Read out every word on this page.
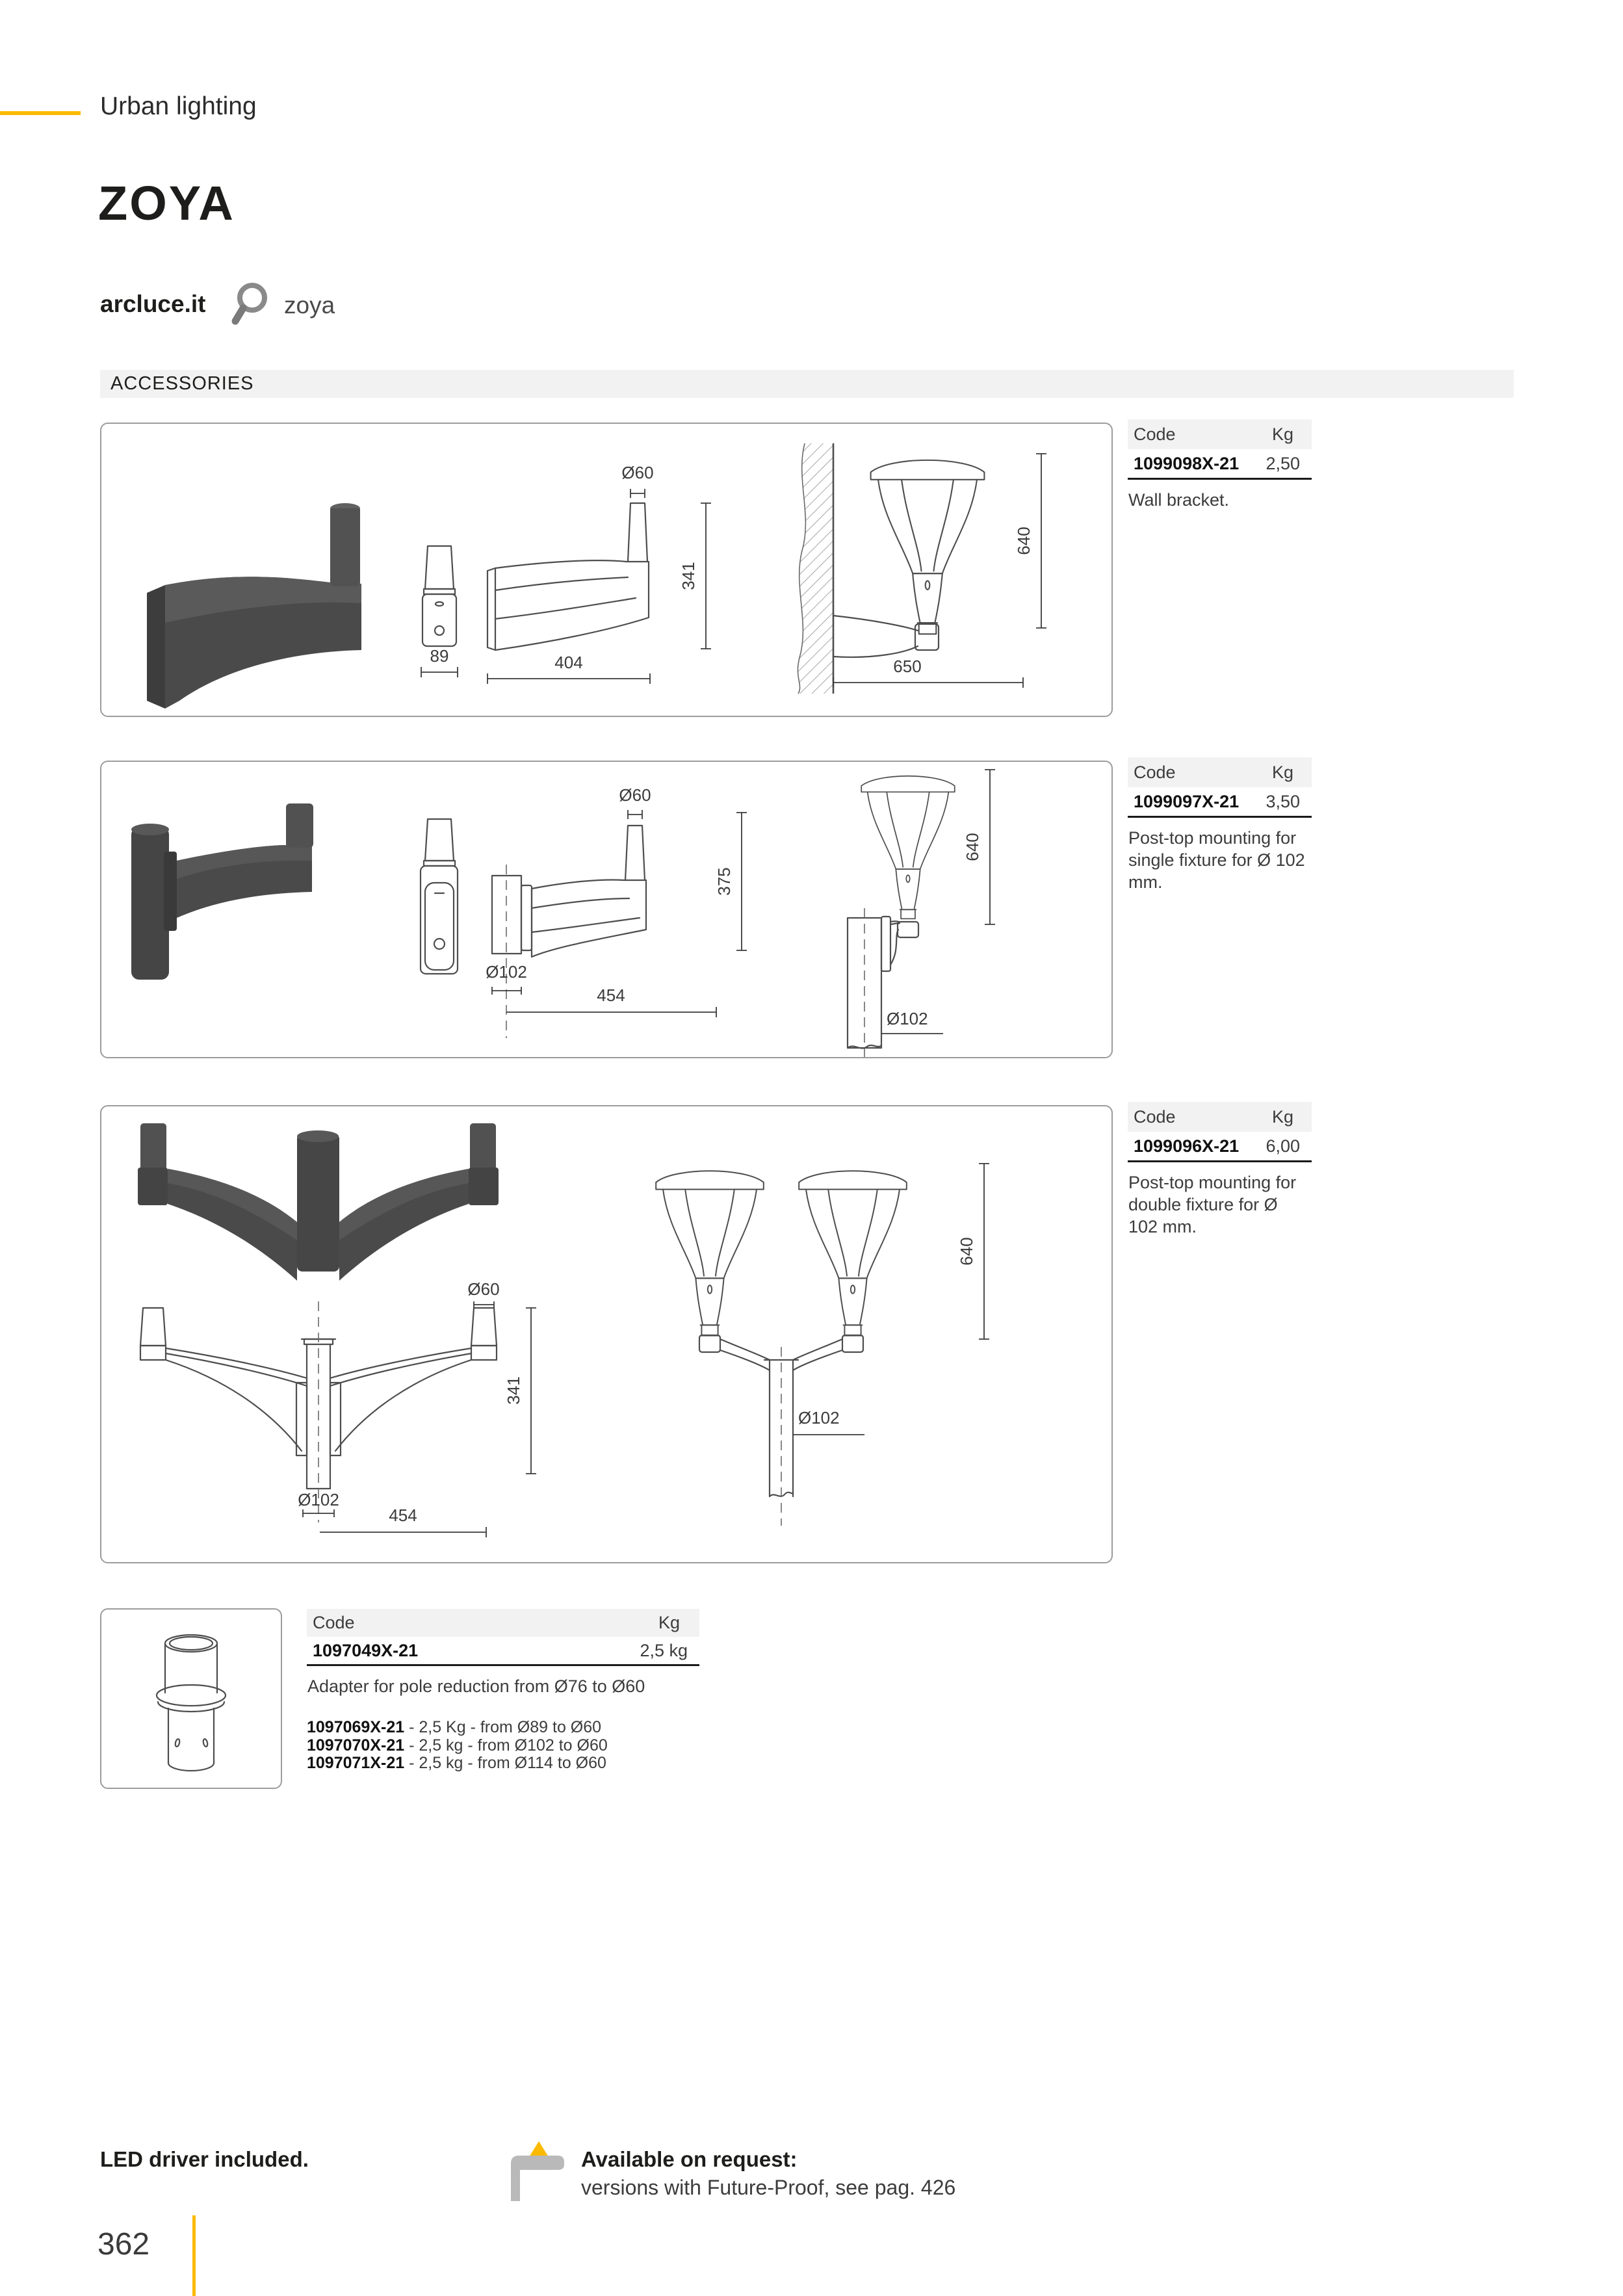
Urban lighting
ZOYA
arcluce.it	zoya
ACCESSORIES
89
Ø60
341
404	650
640
Ø60
375
Ø102
454
Ø102
640
Ø60
341
Ø102
454
Ø102
640
Code	Kg
1099098X-21 2,50
Wall bracket.
Code	Kg
1099097X-21 3,50
Post-top mounting for single fixture for Ø 102 mm.
Code	Kg
1099096X-21 6,00
Post-top mounting for double fixture for Ø 102 mm.
Code	Kg
1097049X-21	2,5 kg
Adapter for pole reduction from Ø76 to Ø60
1097069X-21 - 2,5 Kg - from Ø89 to Ø60
1097070X-21 - 2,5 kg - from Ø102 to Ø60
1097071X-21 - 2,5 kg - from Ø114 to Ø60
LED driver included.	Available on request:
versions with Future-Proof, see pag. 426
362
